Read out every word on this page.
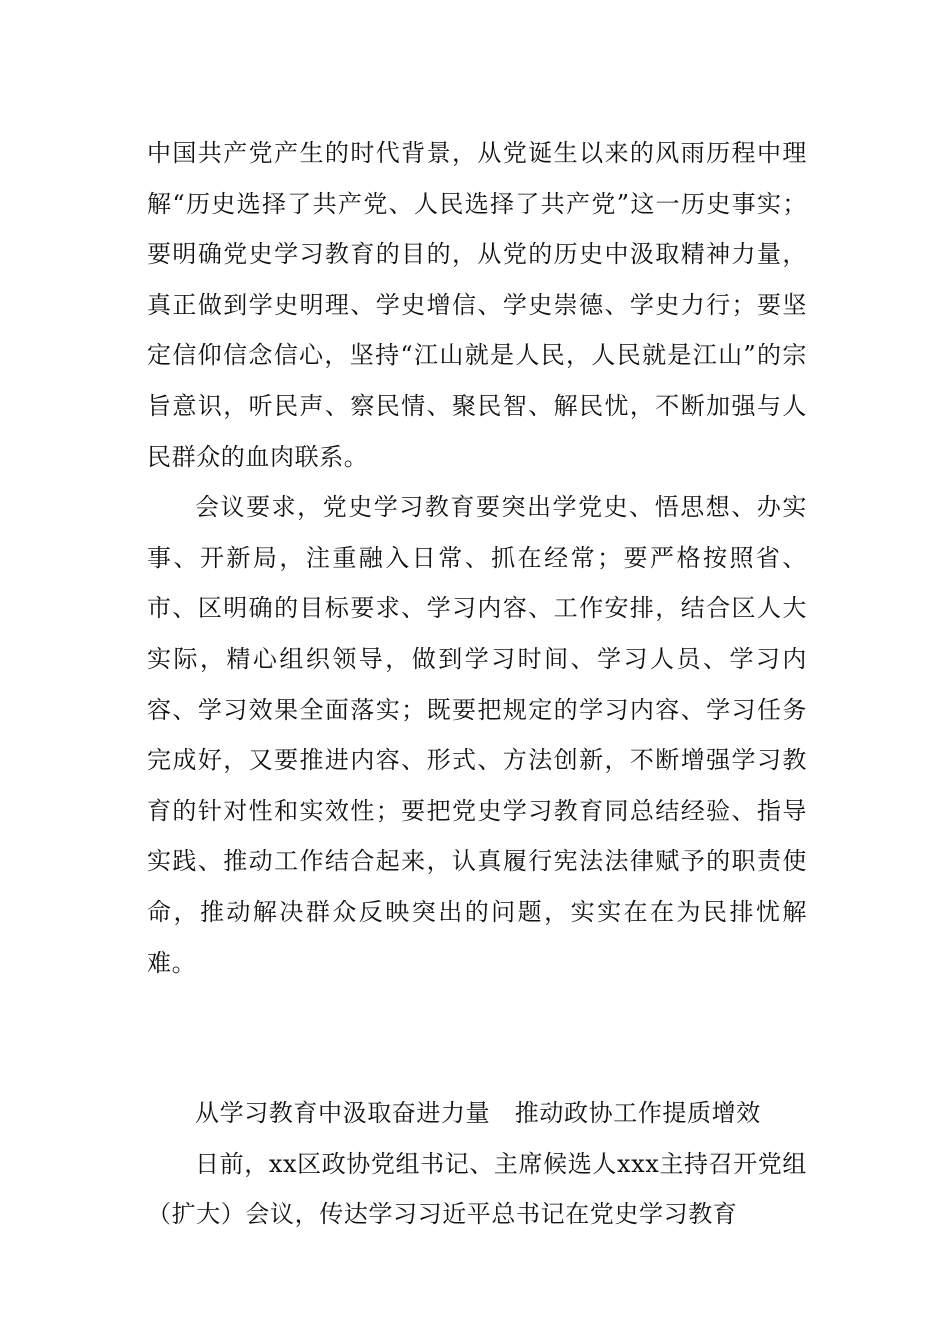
中国共产党产生的时代背景，从党诞生以来的风雨历程中理解“历史选择了共产党、人民选择了共产党”这一历史事实；要明确党史学习教育的目的，从党的历史中汲取精神力量，真正做到学史明理、学史增信、学史崇德、学史力行；要坚定信仰信念信心，坚持“江山就是人民，人民就是江山”的宗旨意识，听民声、察民情、聚民智、解民忧，不断加强与人民群众的血肉联系。

会议要求，党史学习教育要突出学党史、悟思想、办实事、开新局，注重融入日常、抓在经常；要严格按照省、市、区明确的目标要求、学习内容、工作安排，结合区人大实际，精心组织领导，做到学习时间、学习人员、学习内容、学习效果全面落实；既要把规定的学习内容、学习任务完成好，又要推进内容、形式、方法创新，不断增强学习教育的针对性和实效性；要把党史学习教育同总结经验、指导实践、推动工作结合起来，认真履行宪法法律赋予的职责使命，推动解决群众反映突出的问题，实实在在为民排忧解难。

从学习教育中汲取奋进力量　推动政协工作提质增效

日前，xx区政协党组书记、主席候选人xxx主持召开党组（扩大）会议，传达学习习近平总书记在党史学习教育
